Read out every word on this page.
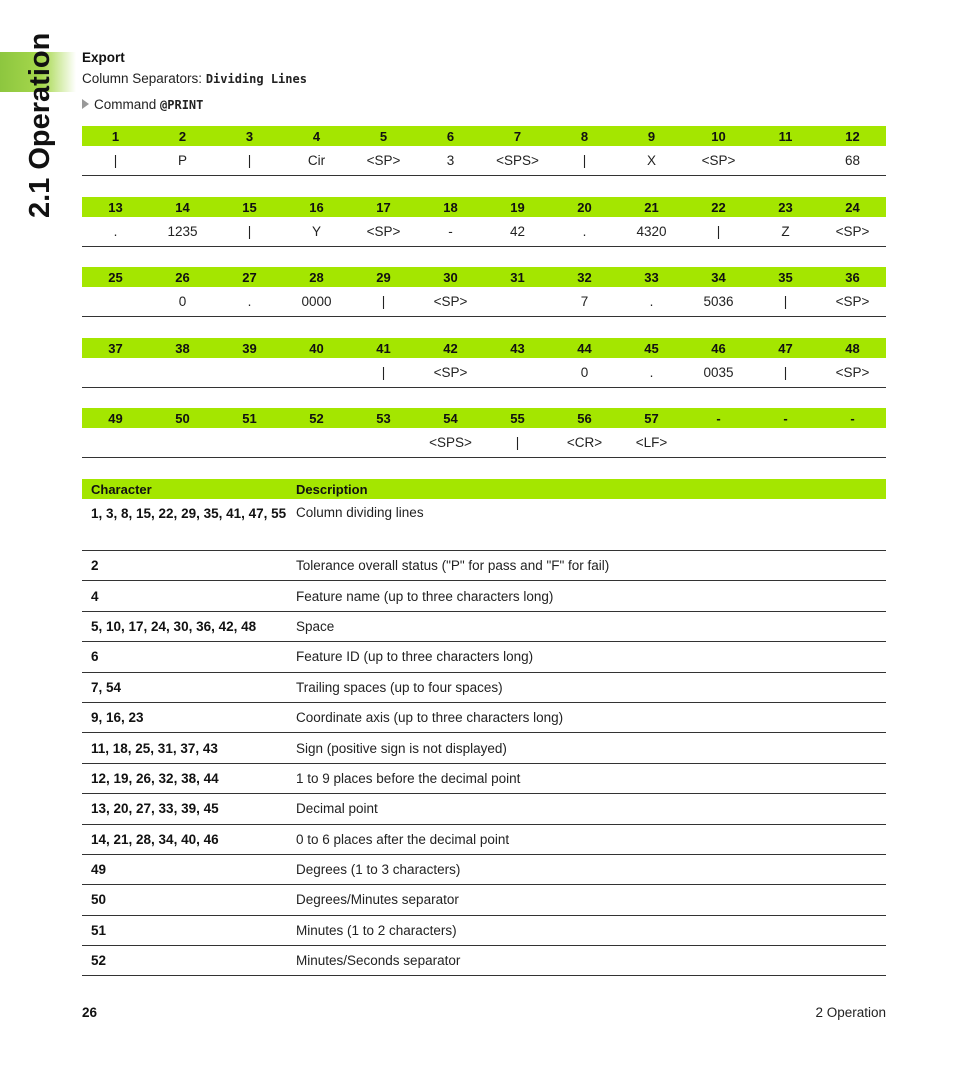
2.1 Operation Export
Column Separators: Dividing Lines
Command @PRINT
1	2	3	4	5	6	7	8	9	10	11	12
|	P	|	Cir	<SP>	3	<SPS>	|	X	<SP>		68
13	14	15	16	17	18	19	20	21	22	23	24
.	1235	|	Y	<SP>	-	42	.	4320	|	Z	<SP>
25	26	27	28	29	30	31	32	33	34	35	36
	0	.	0000	|	<SP>		7	.	5036	|	<SP>
37	38	39	40	41	42	43	44	45	46	47	48
				|	<SP>		0	.	0035	|	<SP>
49	50	51	52	53	54	55	56	57	-	-	-
					<SPS>	|	<CR>	<LF>			
Character	Description
1, 3, 8, 15, 22, 29, 35, 41, 47, 55	Column dividing lines
2	Tolerance overall status ("P" for pass and "F" for fail)
4	Feature name (up to three characters long)
5, 10, 17, 24, 30, 36, 42, 48	Space
6	Feature ID (up to three characters long)
7, 54	Trailing spaces (up to four spaces)
9, 16, 23	Coordinate axis (up to three characters long)
11, 18, 25, 31, 37, 43	Sign (positive sign is not displayed)
12, 19, 26, 32, 38, 44	1 to 9 places before the decimal point
13, 20, 27, 33, 39, 45	Decimal point
14, 21, 28, 34, 40, 46	0 to 6 places after the decimal point
49	Degrees (1 to 3 characters)
50	Degrees/Minutes separator
51	Minutes (1 to 2 characters)
52	Minutes/Seconds separator
26	2 Operation
